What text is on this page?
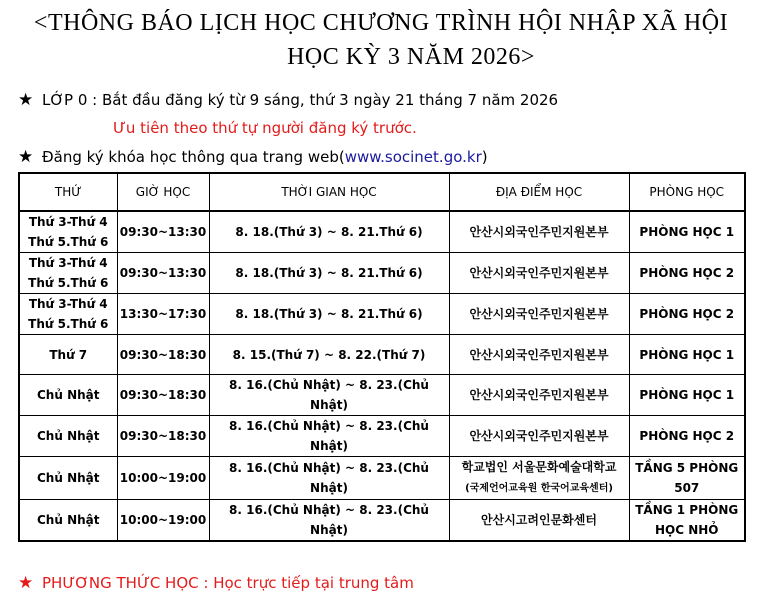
<THÔNG BÁO LỊCH HỌC CHƯƠNG TRÌNH HỘI NHẬP XÃ HỘI
HỌC KỲ 3 NĂM 2026>
★ LỚP 0 : Bắt đầu đăng ký từ 9 sáng, thứ 3 ngày 21 tháng 7 năm 2026
Ưu tiên theo thứ tự người đăng ký trước.
★ Đăng ký khóa học thông qua trang web(www.socinet.go.kr)
THỨ	GIỜ HỌC	THỜI GIAN HỌC	ĐỊA ĐIỂM HỌC	PHÒNG HỌC
Thứ 3-Thứ 4
Thứ 5.Thứ 6	09:30~13:30	8. 18.(Thứ 3) ~ 8. 21.Thứ 6)	안산시외국인주민지원본부	PHÒNG HỌC 1
Thứ 3-Thứ 4
Thứ 5.Thứ 6	09:30~13:30	8. 18.(Thứ 3) ~ 8. 21.Thứ 6)	안산시외국인주민지원본부	PHÒNG HỌC 2
Thứ 3-Thứ 4
Thứ 5.Thứ 6	13:30~17:30	8. 18.(Thứ 3) ~ 8. 21.Thứ 6)	안산시외국인주민지원본부	PHÒNG HỌC 2
Thứ 7	09:30~18:30	8. 15.(Thứ 7) ~ 8. 22.(Thứ 7)	안산시외국인주민지원본부	PHÒNG HỌC 1
Chủ Nhật	09:30~18:30	8. 16.(Chủ Nhật) ~ 8. 23.(Chủ Nhật)	안산시외국인주민지원본부	PHÒNG HỌC 1
Chủ Nhật	09:30~18:30	8. 16.(Chủ Nhật) ~ 8. 23.(Chủ Nhật)	안산시외국인주민지원본부	PHÒNG HỌC 2
Chủ Nhật	10:00~19:00	8. 16.(Chủ Nhật) ~ 8. 23.(Chủ Nhật)	학교법인 서울문화예술대학교
(국제언어교육원 한국어교육센터)	TẦNG 5 PHÒNG
507
Chủ Nhật	10:00~19:00	8. 16.(Chủ Nhật) ~ 8. 23.(Chủ Nhật)	안산시고려인문화센터	TẦNG 1 PHÒNG
HỌC NHỎ
★ PHƯƠNG THỨC HỌC : Học trực tiếp tại trung tâm
